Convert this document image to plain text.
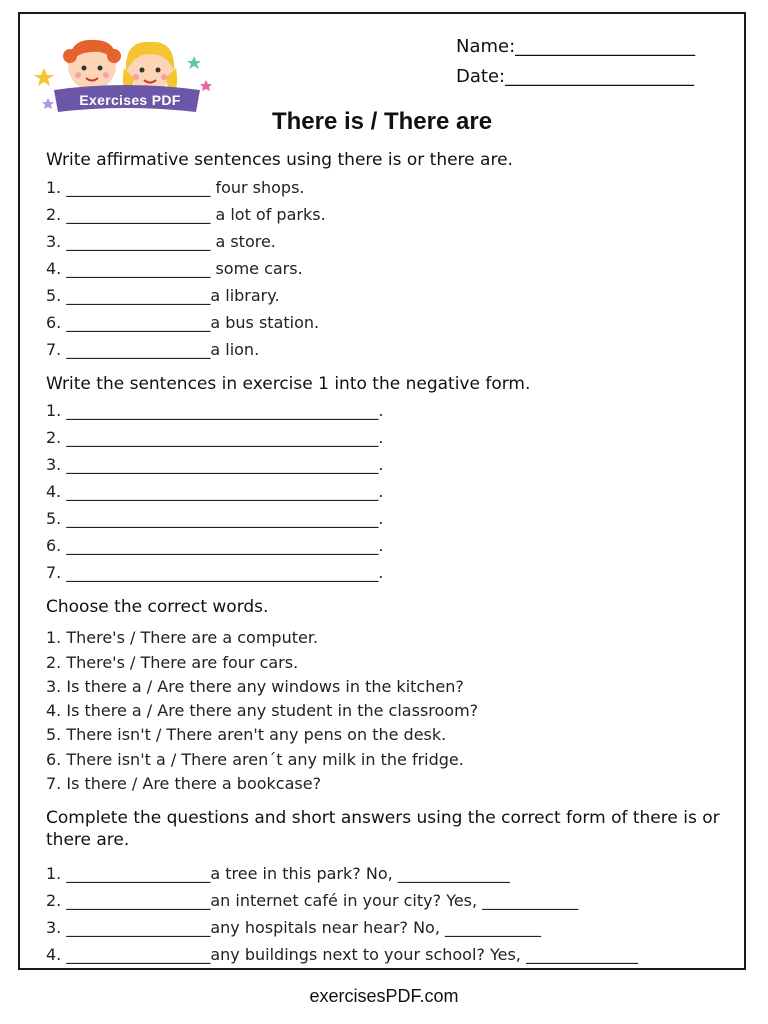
Exercises PDF
Name:____________________
Date:_____________________
There is / There are
Write affirmative sentences using there is or there are.
1. __________________ four shops.
2. __________________ a lot of parks.
3. __________________ a store.
4. __________________ some cars.
5. __________________a library.
6. __________________a bus station.
7. __________________a lion.
Write the sentences in exercise 1 into the negative form.
1. _______________________________________.
2. _______________________________________.
3. _______________________________________.
4. _______________________________________.
5. _______________________________________.
6. _______________________________________.
7. _______________________________________.
Choose the correct words.
1. There's / There are a computer.
2. There's / There are four cars.
3. Is there a / Are there any windows in the kitchen?
4. Is there a / Are there any student in the classroom?
5. There isn't / There aren't any pens on the desk.
6. There isn't a / There aren´t any milk in the fridge.
7. Is there / Are there a bookcase?
Complete the questions and short answers using the correct form of there is or there are.
1. __________________a tree in this park? No, ______________
2. __________________an internet café in your city? Yes, ____________
3. __________________any hospitals near hear? No, ____________
4. __________________any buildings next to your school? Yes, ______________
exercisesPDF.com
